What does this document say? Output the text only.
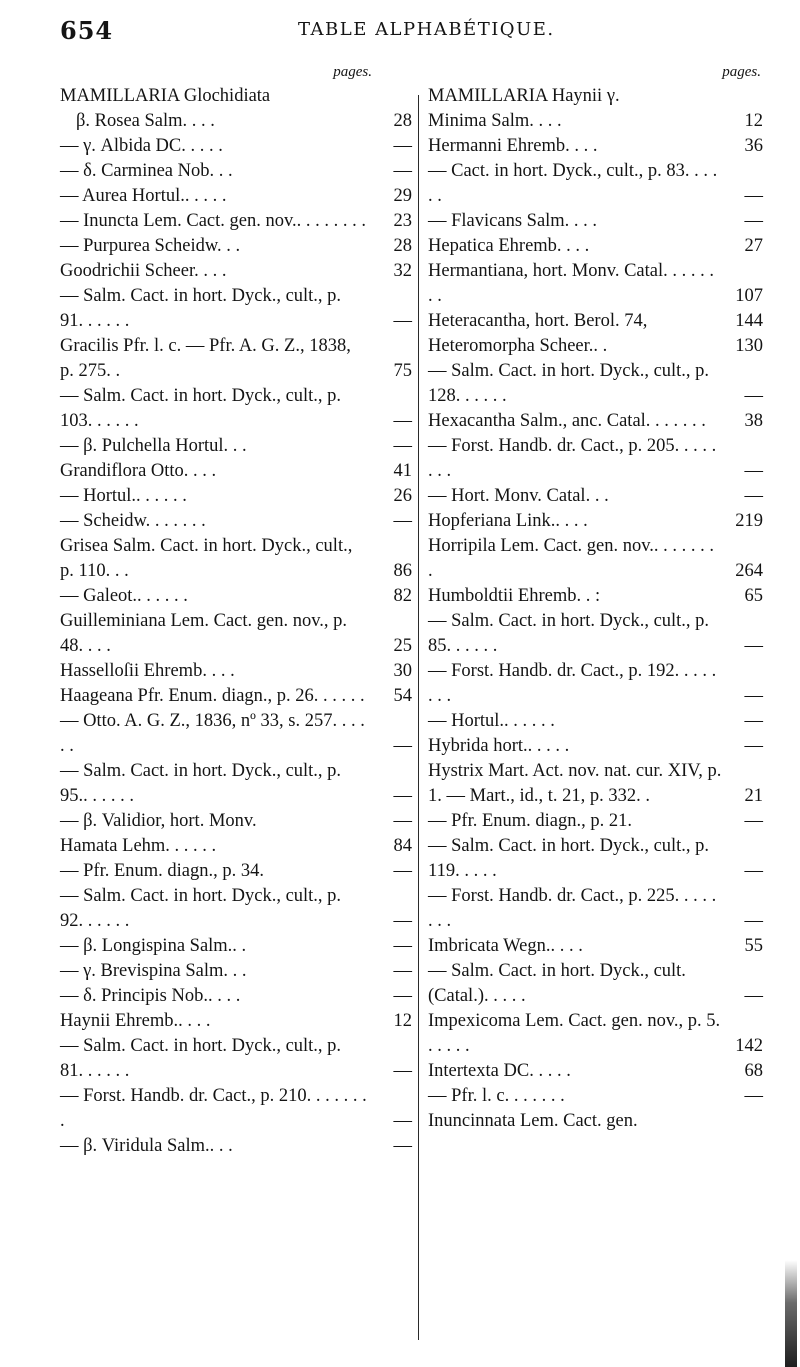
654	TABLE ALPHABÉTIQUE.
pages.
MAMILLARIA Glochidiata
β. Rosea Salm. . . .	28
— γ. Albida DC. . . . .	—
— δ. Carminea Nob. . .	—
— Aurea Hortul.. . . . .	29
— Inuncta Lem. Cact. gen. nov.. . . . . . . .	23
— Purpurea Scheidw. . .	28
Goodrichii Scheer. . . .	32
— Salm. Cact. in hort. Dyck., cult., p. 91. . . . . .	—
Gracilis Pfr. l. c. — Pfr. A. G. Z., 1838, p. 275. .	75
— Salm. Cact. in hort. Dyck., cult., p. 103. . . . . .	—
— β. Pulchella Hortul. . .	—
Grandiflora Otto. . . .	41
— Hortul.. . . . . .	26
— Scheidw. . . . . . .	—
Grisea Salm. Cact. in hort. Dyck., cult., p. 110. . .	86
— Galeot.. . . . . .	82
Guilleminiana Lem. Cact. gen. nov., p. 48. . . .	25
Hasselloſii Ehremb. . . .	30
Haageana Pfr. Enum. diagn., p. 26. . . . . .	54
— Otto. A. G. Z., 1836, nº 33, s. 257. . . . . .	—
— Salm. Cact. in hort. Dyck., cult., p. 95.. . . . . .	—
— β. Validior, hort. Monv.	—
Hamata Lehm. . . . . .	84
— Pfr. Enum. diagn., p. 34.	—
— Salm. Cact. in hort. Dyck., cult., p. 92. . . . . .	—
— β. Longispina Salm.. .	—
— γ. Brevispina Salm. . .	—
— δ. Principis Nob.. . . .	—
Haynii Ehremb.. . . .	12
— Salm. Cact. in hort. Dyck., cult., p. 81. . . . . .	—
— Forst. Handb. dr. Cact., p. 210. . . . . . . .	—
— β. Viridula Salm.. . .	—
pages.
MAMILLARIA Haynii γ.
Minima Salm. . . .	12
Hermanni Ehremb. . . .	36
— Cact. in hort. Dyck., cult., p. 83. . . . . .	—
— Flavicans Salm. . . .	—
Hepatica Ehremb. . . .	27
Hermantiana, hort. Monv. Catal. . . . . . . .	107
Heteracantha, hort. Berol. 74,	144
Heteromorpha Scheer.. .	130
— Salm. Cact. in hort. Dyck., cult., p. 128. . . . . .	—
Hexacantha Salm., anc. Catal. . . . . . .	38
— Forst. Handb. dr. Cact., p. 205. . . . . . . .	—
— Hort. Monv. Catal. . .	—
Hopferiana Link.. . . .	219
Horripila Lem. Cact. gen. nov.. . . . . . . .	264
Humboldtii Ehremb. . :	65
— Salm. Cact. in hort. Dyck., cult., p. 85. . . . . .	—
— Forst. Handb. dr. Cact., p. 192. . . . . . . .	—
— Hortul.. . . . . .	—
Hybrida hort.. . . . .	—
Hystrix Mart. Act. nov. nat. cur. XIV, p. 1. — Mart., id., t. 21, p. 332. .	21
— Pfr. Enum. diagn., p. 21.	—
— Salm. Cact. in hort. Dyck., cult., p. 119. . . . .	—
— Forst. Handb. dr. Cact., p. 225. . . . . . . .	—
Imbricata Wegn.. . . .	55
— Salm. Cact. in hort. Dyck., cult. (Catal.). . . . .	—
Impexicoma Lem. Cact. gen. nov., p. 5. . . . . .	142
Intertexta DC. . . . .	68
— Pfr. l. c. . . . . . .	—
Inuncinnata Lem. Cact. gen.
